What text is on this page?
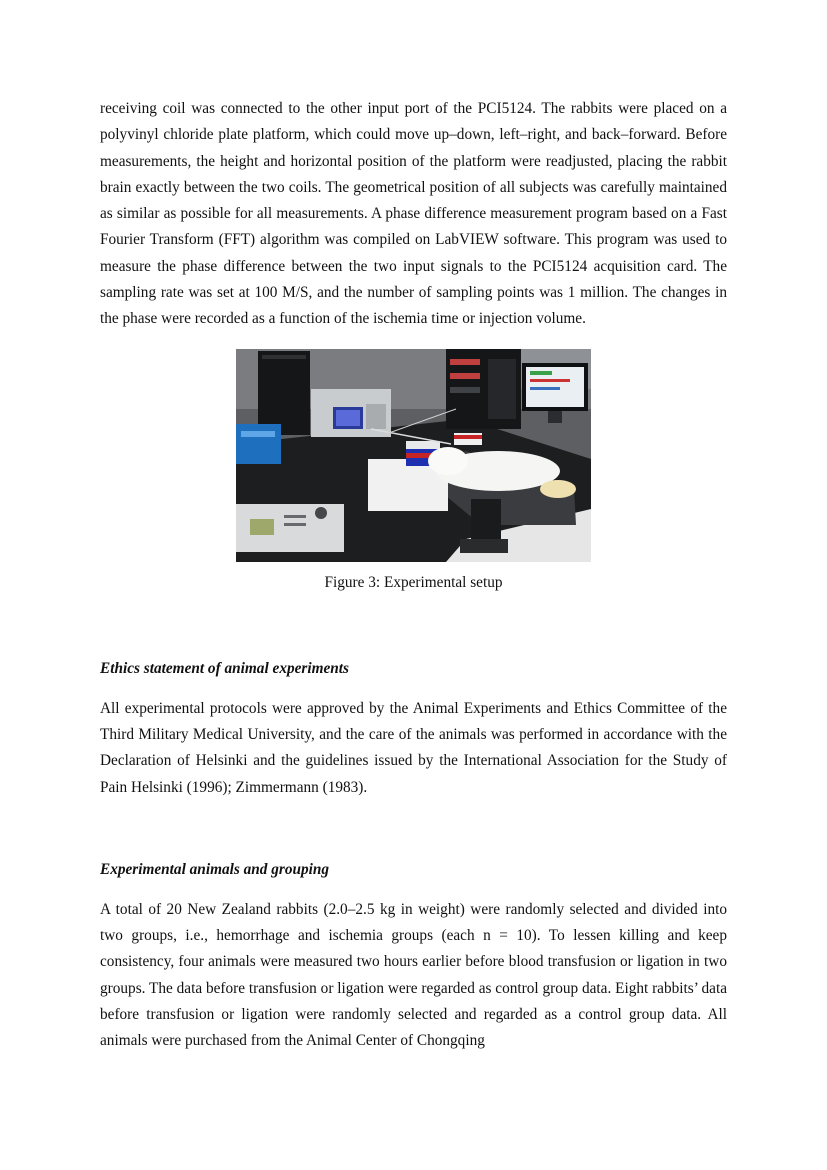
receiving coil was connected to the other input port of the PCI5124. The rabbits were placed on a polyvinyl chloride plate platform, which could move up–down, left–right, and back–forward. Before measurements, the height and horizontal position of the platform were readjusted, placing the rabbit brain exactly between the two coils. The geometrical position of all subjects was carefully maintained as similar as possible for all measurements. A phase difference measurement program based on a Fast Fourier Transform (FFT) algorithm was compiled on LabVIEW software. This program was used to measure the phase difference between the two input signals to the PCI5124 acquisition card. The sampling rate was set at 100 M/S, and the number of sampling points was 1 million. The changes in the phase were recorded as a function of the ischemia time or injection volume.

Figure 3: Experimental setup
Ethics statement of animal experiments

All experimental protocols were approved by the Animal Experiments and Ethics Committee of the Third Military Medical University, and the care of the animals was performed in accordance with the Declaration of Helsinki and the guidelines issued by the International Association for the Study of Pain Helsinki (1996); Zimmermann (1983).

Experimental animals and grouping

A total of 20 New Zealand rabbits (2.0–2.5 kg in weight) were randomly selected and divided into two groups, i.e., hemorrhage and ischemia groups (each n = 10). To lessen killing and keep consistency, four animals were measured two hours earlier before blood transfusion or ligation in two groups. The data before transfusion or ligation were regarded as control group data. Eight rabbits’ data before transfusion or ligation were randomly selected and regarded as a control group data. All animals were purchased from the Animal Center of Chongqing
